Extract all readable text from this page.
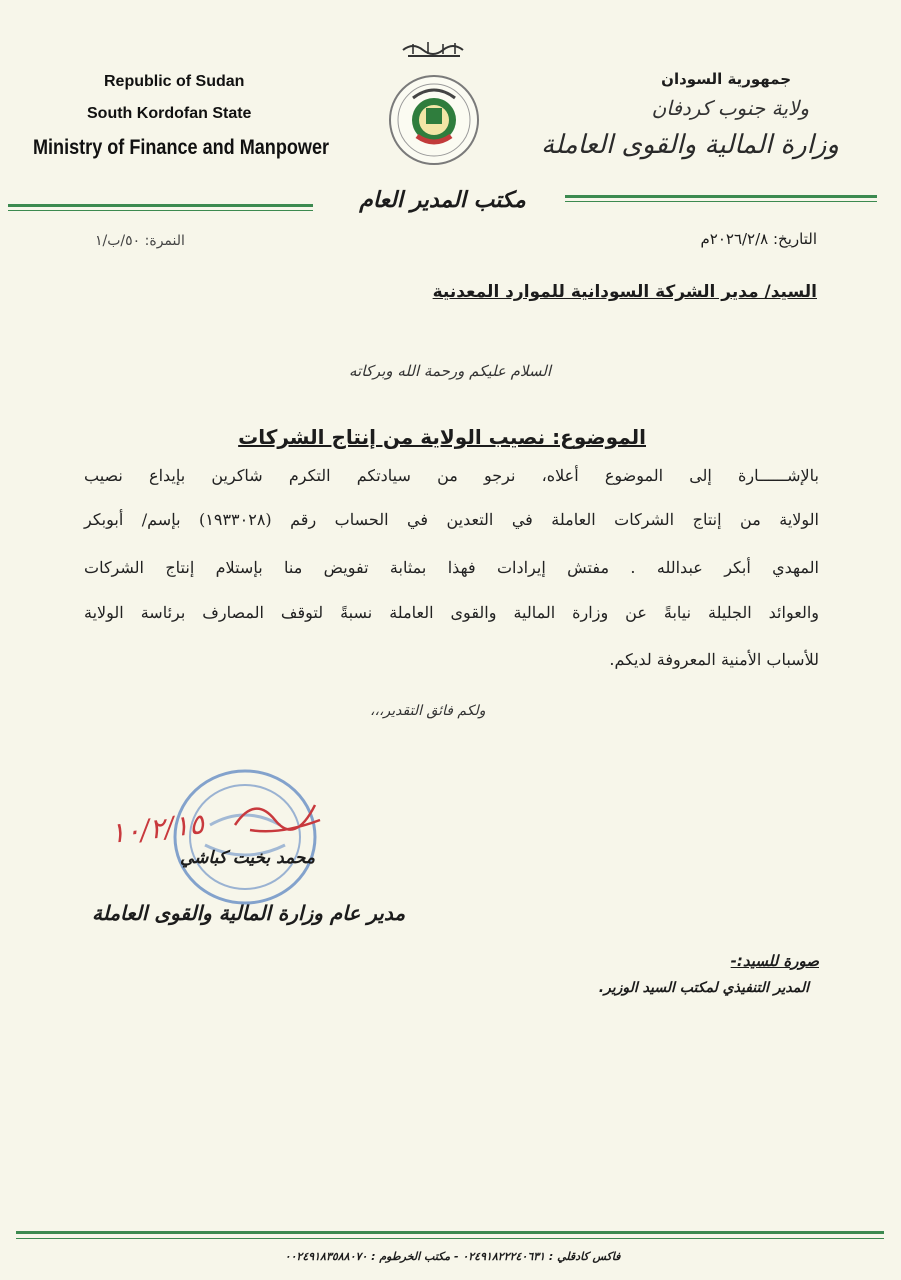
Republic of Sudan
South Kordofan State
Ministry of Finance and Manpower
جمهورية السودان
ولاية جنوب كردفان
وزارة المالية والقوى العاملة
مكتب المدير العام
التاريخ: ٢٠٢٦/٢/٨م
النمرة: ٥٠/ب/١
السيد/ مدير الشركة السودانية للموارد المعدنية
السلام عليكم ورحمة الله وبركاته
الموضوع: نصيب الولاية من إنتاج الشركات
بالإشــــــارة إلى الموضوع أعلاه، نرجو من سيادتكم التكرم شاكرين بإيداع نصيب
الولاية من إنتاج الشركات العاملة في التعدين في الحساب رقم (١٩٣٣٠٢٨) بإسم/ أبوبكر
المهدي أبكر عبدالله . مفتش إيرادات فهذا بمثابة تفويض منا بإستلام إنتاج الشركات
والعوائد الجليلة نيابةً عن وزارة المالية والقوى العاملة نسبةً لتوقف المصارف برئاسة الولاية
للأسباب الأمنية المعروفة لديكم.
ولكم فائق التقدير،،،
١٠/٢/١٥
محمد بخيت كباشي
مدير عام وزارة المالية والقوى العاملة
صورة للسيد:-
المدير التنفيذي لمكتب السيد الوزير.
فاكس كادقلي : ٠٢٤٩١٨٢٢٢٤٠٦٣١ - مكتب الخرطوم : ٠٠٢٤٩١٨٣٥٨٨٠٧٠
